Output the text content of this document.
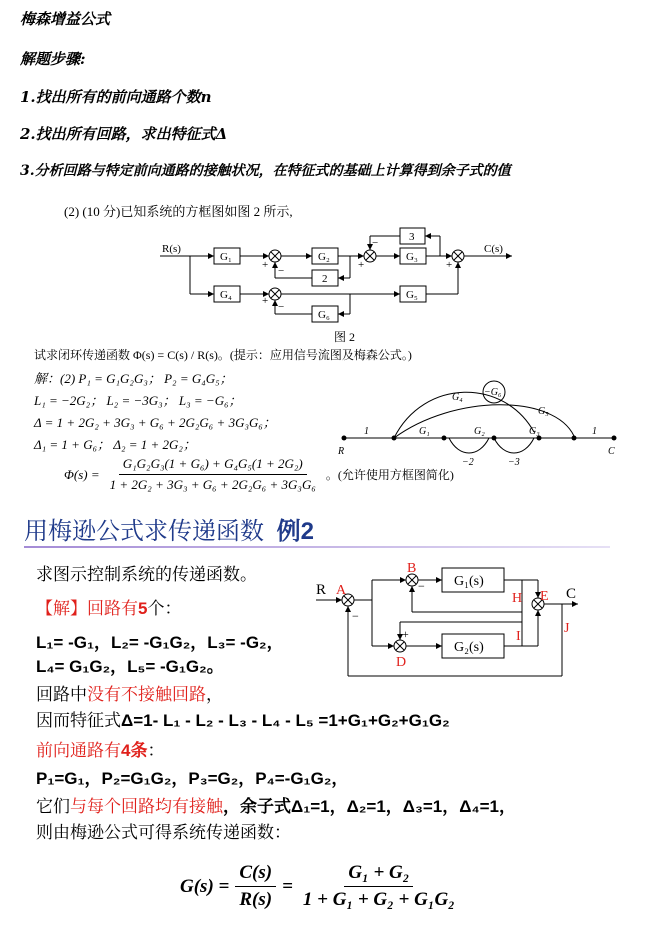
梅森增益公式
解题步骤:
1.找出所有的前向通路个数n
2.找出所有回路，求出特征式Δ
3.分析回路与特定前向通路的接触状况，在特征式的基础上计算得到余子式的值
(2) (10 分)已知系统的方框图如图 2 所示,
R(s)	C(s)
G₁	G₂	G₃
G₄	G₅
G₆
2
3
+ −	+
−
+
+ −
图 2
试求闭环传递函数 Φ(s) = C(s) / R(s)。(提示：应用信号流图及梅森公式。)
解：(2) P₁ = G₁G₂G₃； P₂ = G₄G₅；
L₁ = −2G₂； L₂ = −3G₃； L₃ = −G₆；
Δ = 1 + 2G₂ + 3G₃ + G₆ + 2G₂G₆ + 3G₃G₆；
Δ₁ = 1 + G₆； Δ₂ = 1 + 2G₂；
$\Phi(s) = \frac{\text{G₁G₂G₃(1 + G₆) + G₄G₅(1 + 2G₂)}}{\text{1 + 2G₂ + 3G₃ + G₆ + 2G₂G₆ + 3G₃G₆}}$ 。(允许使用方框图简化)
1	G₁	G₂	G₃	1
G₄
G₅
−G₆
−2	−3
R	C
用梅逊公式求传递函数 例2
求图示控制系统的传递函数。
【解】回路有5个：
L₁= -G₁，L₂= -G₁G₂，L₃= -G₂，
L₄= G₁G₂，L₅= -G₁G₂。
回路中没有不接触回路，
因而特征式Δ=1- L₁ - L₂ - L₃ - L₄ - L₅ =1+G₁+G₂+G₁G₂
前向通路有4条：
P₁=G₁，P₂=G₁G₂，P₃=G₂，P₄=-G₁G₂，
它们与每个回路均有接触，余子式Δ₁=1，Δ₂=1，Δ₃=1，Δ₄=1，
则由梅逊公式可得系统传递函数：
$G(s) = \frac{C(s)}{R(s)} = \frac{\text{G₁ + G₂}}{\text{1 + G₁ + G₂ + G₁G₂}}$
R	C
G₁(s)
G₂(s)
A
B
D
E
H
I
J
−
−
+
